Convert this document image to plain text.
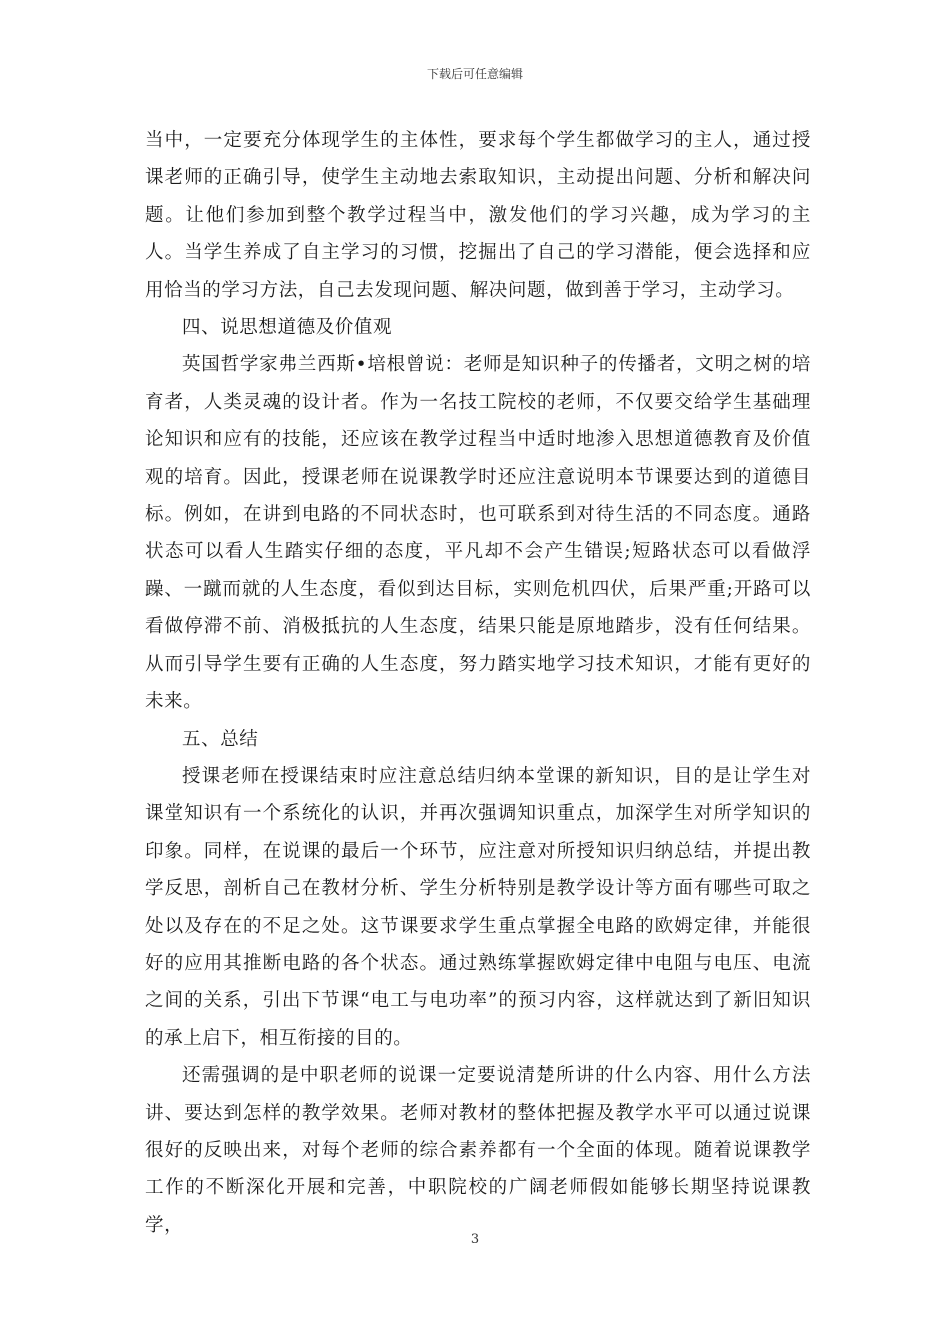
下载后可任意编辑

当中，一定要充分体现学生的主体性，要求每个学生都做学习的主人，通过授课老师的正确引导，使学生主动地去索取知识，主动提出问题、分析和解决问题。让他们参加到整个教学过程当中，激发他们的学习兴趣，成为学习的主人。当学生养成了自主学习的习惯，挖掘出了自己的学习潜能，便会选择和应用恰当的学习方法，自己去发现问题、解决问题，做到善于学习，主动学习。

四、说思想道德及价值观

英国哲学家弗兰西斯•培根曾说：老师是知识种子的传播者，文明之树的培育者，人类灵魂的设计者。作为一名技工院校的老师，不仅要交给学生基础理论知识和应有的技能，还应该在教学过程当中适时地渗入思想道德教育及价值观的培育。因此，授课老师在说课教学时还应注意说明本节课要达到的道德目标。例如，在讲到电路的不同状态时，也可联系到对待生活的不同态度。通路状态可以看人生踏实仔细的态度，平凡却不会产生错误;短路状态可以看做浮躁、一蹴而就的人生态度，看似到达目标，实则危机四伏，后果严重;开路可以看做停滞不前、消极抵抗的人生态度，结果只能是原地踏步，没有任何结果。从而引导学生要有正确的人生态度，努力踏实地学习技术知识，才能有更好的未来。

五、总结

授课老师在授课结束时应注意总结归纳本堂课的新知识，目的是让学生对课堂知识有一个系统化的认识，并再次强调知识重点，加深学生对所学知识的印象。同样，在说课的最后一个环节，应注意对所授知识归纳总结，并提出教学反思，剖析自己在教材分析、学生分析特别是教学设计等方面有哪些可取之处以及存在的不足之处。这节课要求学生重点掌握全电路的欧姆定律，并能很好的应用其推断电路的各个状态。通过熟练掌握欧姆定律中电阻与电压、电流之间的关系，引出下节课“电工与电功率”的预习内容，这样就达到了新旧知识的承上启下，相互衔接的目的。

还需强调的是中职老师的说课一定要说清楚所讲的什么内容、用什么方法讲、要达到怎样的教学效果。老师对教材的整体把握及教学水平可以通过说课很好的反映出来，对每个老师的综合素养都有一个全面的体现。随着说课教学工作的不断深化开展和完善，中职院校的广阔老师假如能够长期坚持说课教学，

3
